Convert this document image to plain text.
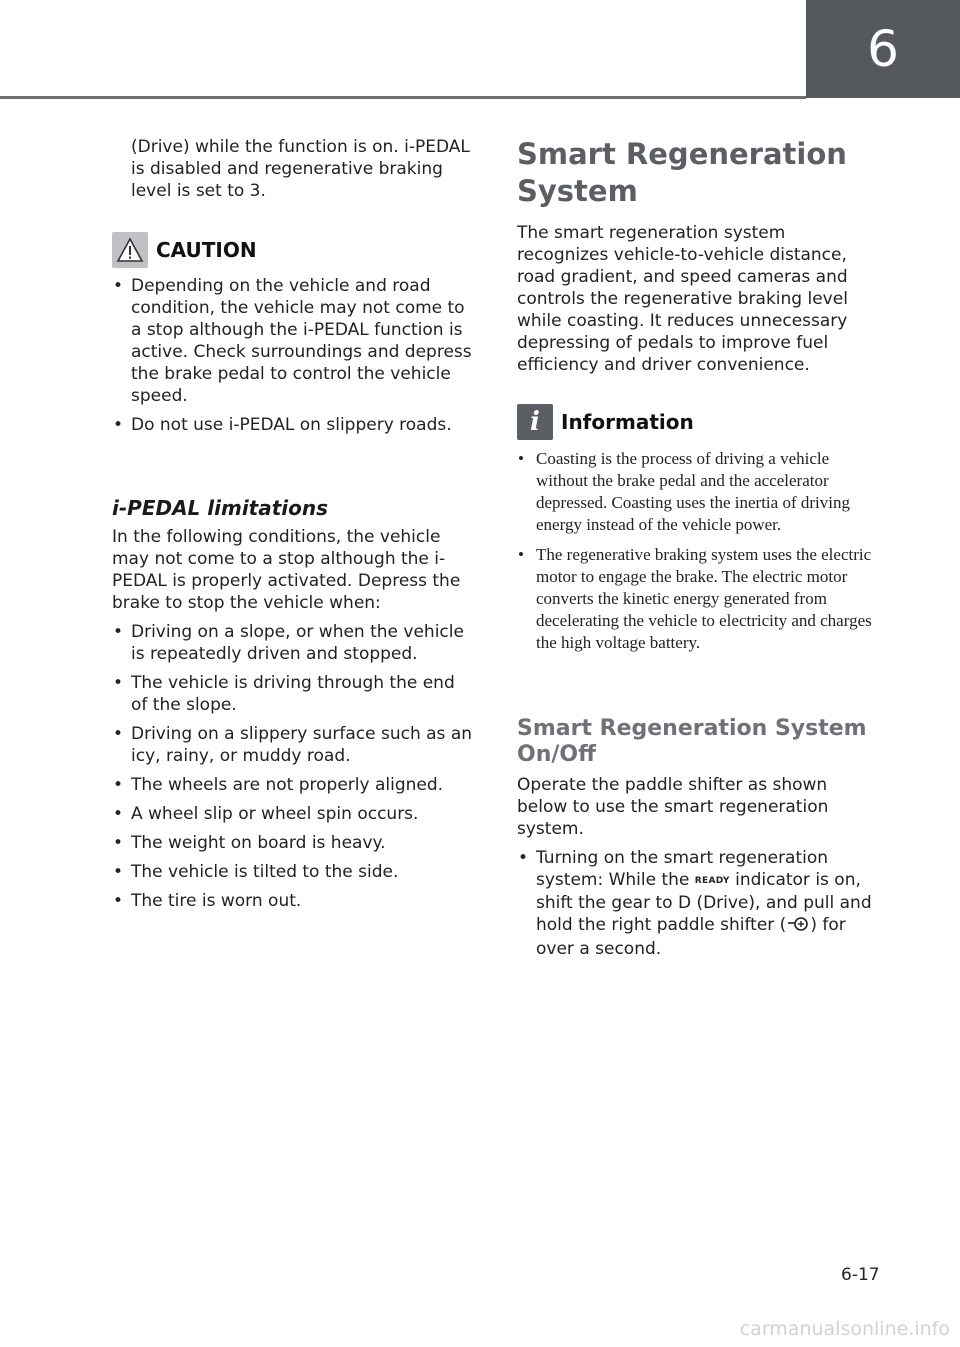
6

(Drive) while the function is on. i-PEDAL is disabled and regenerative braking level is set to 3.

CAUTION
• Depending on the vehicle and road condition, the vehicle may not come to a stop although the i-PEDAL function is active. Check surroundings and depress the brake pedal to control the vehicle speed.
• Do not use i-PEDAL on slippery roads.

i-PEDAL limitations

In the following conditions, the vehicle may not come to a stop although the i-PEDAL is properly activated. Depress the brake to stop the vehicle when:

• Driving on a slope, or when the vehicle is repeatedly driven and stopped.
• The vehicle is driving through the end of the slope.
• Driving on a slippery surface such as an icy, rainy, or muddy road.
• The wheels are not properly aligned.
• A wheel slip or wheel spin occurs.
• The weight on board is heavy.
• The vehicle is tilted to the side.
• The tire is worn out.

Smart Regeneration System

The smart regeneration system recognizes vehicle-to-vehicle distance, road gradient, and speed cameras and controls the regenerative braking level while coasting. It reduces unnecessary depressing of pedals to improve fuel efficiency and driver convenience.

i	Information
• Coasting is the process of driving a vehicle without the brake pedal and the accelerator depressed. Coasting uses the inertia of driving energy instead of the vehicle power.
• The regenerative braking system uses the electric motor to engage the brake. The electric motor converts the kinetic energy generated from decelerating the vehicle to electricity and charges the high voltage battery.

Smart Regeneration System On/Off

Operate the paddle shifter as shown below to use the smart regeneration system.

• Turning on the smart regeneration system: While the READY indicator is on, shift the gear to D (Drive), and pull and hold the right paddle shifter ( ) for over a second.
6-17
carmanualsonline.info
